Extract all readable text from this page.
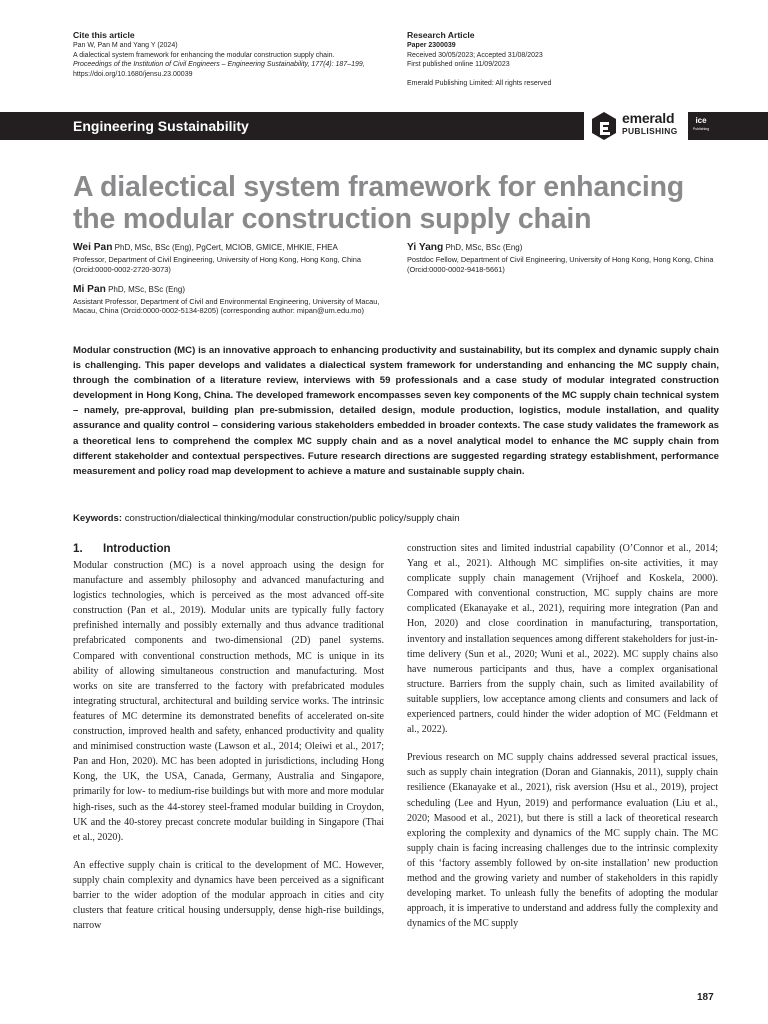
Cite this article
Pan W, Pan M and Yang Y (2024)
A dialectical system framework for enhancing the modular construction supply chain.
Proceedings of the Institution of Civil Engineers – Engineering Sustainability, 177(4): 187–199,
https://doi.org/10.1680/jensu.23.00039
Research Article
Paper 2300039
Received 30/05/2023; Accepted 31/08/2023
First published online 11/09/2023
Emerald Publishing Limited: All rights reserved
Engineering Sustainability	emerald
PUBLISHING
ice
Publishing
A dialectical system framework for enhancing the modular construction supply chain
Wei Pan PhD, MSc, BSc (Eng), PgCert, MCIOB, GMICE, MHKIE, FHEA
Professor, Department of Civil Engineering, University of Hong Kong, Hong Kong, China (Orcid:0000-0002-2720-3073)
Mi Pan PhD, MSc, BSc (Eng)
Assistant Professor, Department of Civil and Environmental Engineering, University of Macau, Macau, China (Orcid:0000-0002-5134-8205) (corresponding author: mipan@um.edu.mo)
Yi Yang PhD, MSc, BSc (Eng)
Postdoc Fellow, Department of Civil Engineering, University of Hong Kong, Hong Kong, China (Orcid:0000-0002-9418-5661)
Modular construction (MC) is an innovative approach to enhancing productivity and sustainability, but its complex and dynamic supply chain is challenging. This paper develops and validates a dialectical system framework for understanding and enhancing the MC supply chain, through the combination of a literature review, interviews with 59 professionals and a case study of modular integrated construction development in Hong Kong, China. The developed framework encompasses seven key components of the MC supply chain technical system – namely, pre-approval, building plan pre-submission, detailed design, module production, logistics, module installation, and quality assurance and quality control – considering various stakeholders embedded in broader contexts. The case study validates the framework as a theoretical lens to comprehend the complex MC supply chain and as a novel analytical model to enhance the MC supply chain from different stakeholder and contextual perspectives. Future research directions are suggested regarding strategy establishment, performance measurement and policy road map development to achieve a mature and sustainable supply chain.
Keywords: construction/dialectical thinking/modular construction/public policy/supply chain
1. Introduction
Modular construction (MC) is a novel approach using the design for manufacture and assembly philosophy and advanced manufacturing and logistics technologies, which is perceived as the most advanced off-site construction (Pan et al., 2019). Modular units are typically fully factory prefinished internally and possibly externally and thus advance traditional prefabricated components and two-dimensional (2D) panel systems. Compared with conventional construction methods, MC is unique in its ability of allowing simultaneous construction and manufacturing. Most works on site are transferred to the factory with prefabricated modules integrating structural, architectural and building service works. The intrinsic features of MC determine its demonstrated benefits of accelerated on-site construction, improved health and safety, enhanced productivity and quality and minimised construction waste (Lawson et al., 2014; Oleiwi et al., 2017; Pan and Hon, 2020). MC has been adopted in jurisdictions, including Hong Kong, the UK, the USA, Canada, Germany, Australia and Singapore, primarily for low- to medium-rise buildings but with more and more modular high-rises, such as the 44-storey steel-framed modular building in Croydon, UK and the 40-storey precast concrete modular building in Singapore (Thai et al., 2020).
An effective supply chain is critical to the development of MC. However, supply chain complexity and dynamics have been perceived as a significant barrier to the wider adoption of the modular approach in cities and city clusters that feature critical housing undersupply, dense high-rise buildings, narrow
construction sites and limited industrial capability (O’Connor et al., 2014; Yang et al., 2021). Although MC simplifies on-site activities, it may complicate supply chain management (Vrijhoef and Koskela, 2000). Compared with conventional construction, MC supply chains are more complicated (Ekanayake et al., 2021), requiring more integration (Pan and Hon, 2020) and close coordination in manufacturing, transportation, inventory and installation sequences among different stakeholders for just-in-time delivery (Sun et al., 2020; Wuni et al., 2022). MC supply chains also have numerous participants and thus, have a complex organisational structure. Barriers from the supply chain, such as limited availability of suitable suppliers, low acceptance among clients and consumers and lack of experienced partners, could hinder the wider adoption of MC (Feldmann et al., 2022).
Previous research on MC supply chains addressed several practical issues, such as supply chain integration (Doran and Giannakis, 2011), supply chain resilience (Ekanayake et al., 2021), risk aversion (Hsu et al., 2019), project scheduling (Lee and Hyun, 2019) and performance evaluation (Liu et al., 2020; Masood et al., 2021), but there is still a lack of theoretical research exploring the complexity and dynamics of the MC supply chain. The MC supply chain is facing increasing challenges due to the intrinsic complexity of this ‘factory assembly followed by on-site installation’ new production method and the growing variety and number of stakeholders in this rapidly developing market. To unleash fully the benefits of adopting the modular approach, it is imperative to understand and address fully the complexity and dynamics of the MC supply
187
